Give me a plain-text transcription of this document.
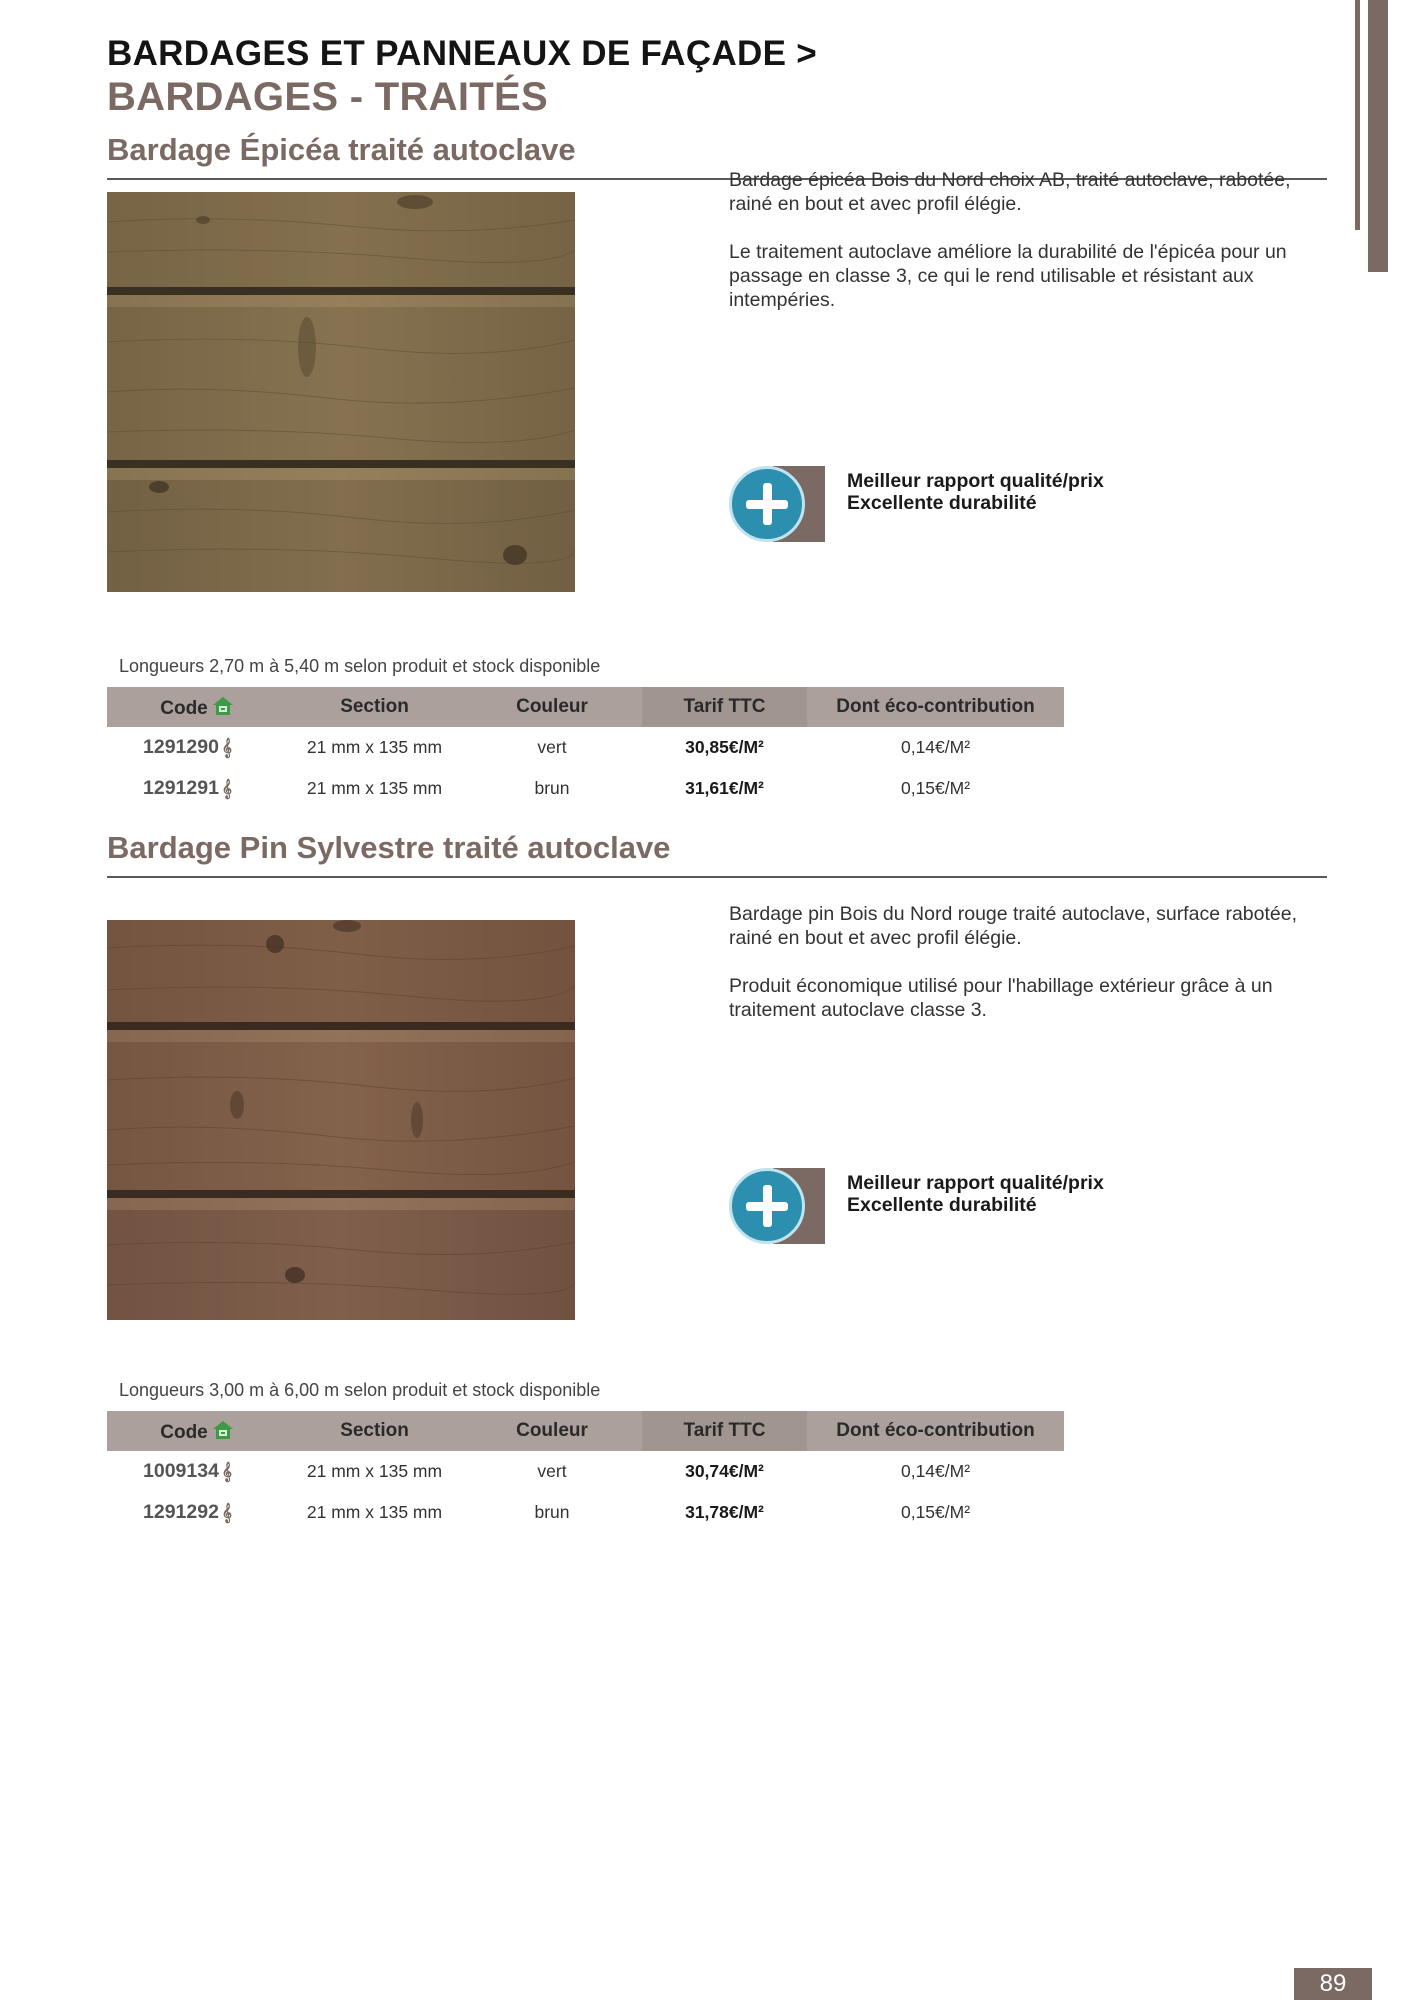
BARDAGES ET PANNEAUX DE FAÇADE >
BARDAGES - TRAITÉS
Bardage Épicéa traité autoclave

Bardage épicéa Bois du Nord choix AB, traité autoclave, rabotée, rainé en bout et avec profil élégie.

Le traitement autoclave améliore la durabilité de l'épicéa pour un passage en classe 3, ce qui le rend utilisable et résistant aux intempéries.

Meilleur rapport qualité/prix
Excellente durabilité
Longueurs 2,70 m à 5,40 m selon produit et stock disponible
Code	Section	Couleur	Tarif TTC	Dont éco-contribution
1291290 𝄞	21 mm x 135 mm	vert	30,85€/M²	0,14€/M²
1291291 𝄞	21 mm x 135 mm	brun	31,61€/M²	0,15€/M²
Bardage Pin Sylvestre traité autoclave

Bardage pin Bois du Nord rouge traité autoclave, surface rabotée, rainé en bout et avec profil élégie.

Produit économique utilisé pour l'habillage extérieur grâce à un traitement autoclave classe 3.

Meilleur rapport qualité/prix
Excellente durabilité
Longueurs 3,00 m à 6,00 m selon produit et stock disponible
Code	Section	Couleur	Tarif TTC	Dont éco-contribution
1009134 𝄞	21 mm x 135 mm	vert	30,74€/M²	0,14€/M²
1291292 𝄞	21 mm x 135 mm	brun	31,78€/M²	0,15€/M²
89
